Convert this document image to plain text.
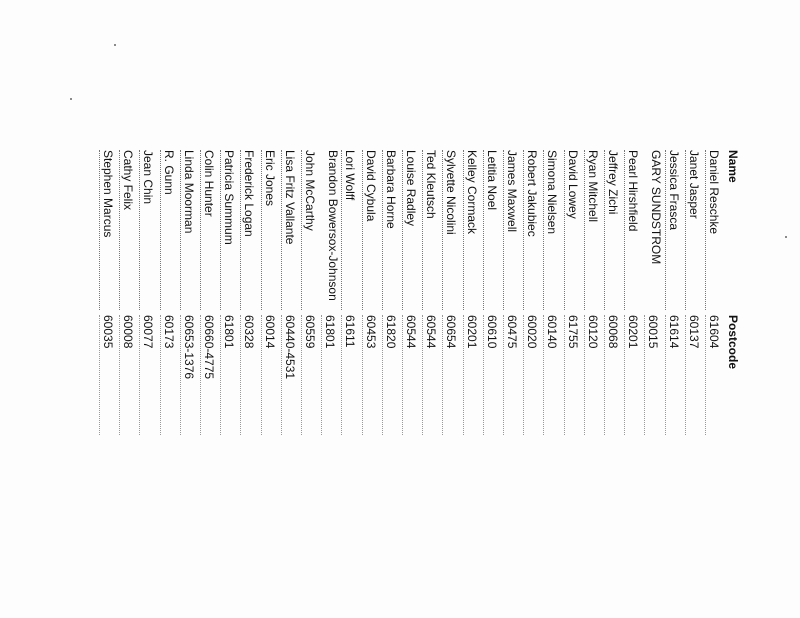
Name
Postcode
Daniel Reschke
61604
Janet Jasper
60137
Jessica Frasca
61614
GARY SUNDSTROM
60015
Pearl Hirshfield
60201
Jeffrey Zichi
60068
Ryan Mitchell
60120
David Lowey
61755
Simona Nielsen
60140
Robert Jakubiec
60020
James Maxwell
60475
Letitia Noel
60610
Kelley Cormack
60201
Sylvette Nicolini
60654
Ted Kleutsch
60544
Louise Radley
60544
Barbara Horne
61820
David Cybula
60453
Lori Wolff
61611
Brandon Bowersox-Johnson
61801
John McCarthy
60559
Lisa Fritz Vallante
60440-4531
Eric Jones
60014
Frederick Logan
60328
Patricia Summum
61801
Colin Hunter
60660-4775
Linda Moorman
60653-1376
R. Gunn
60173
Jean Chin
60077
Cathy Felix
60008
Stephen Marcus
60035
